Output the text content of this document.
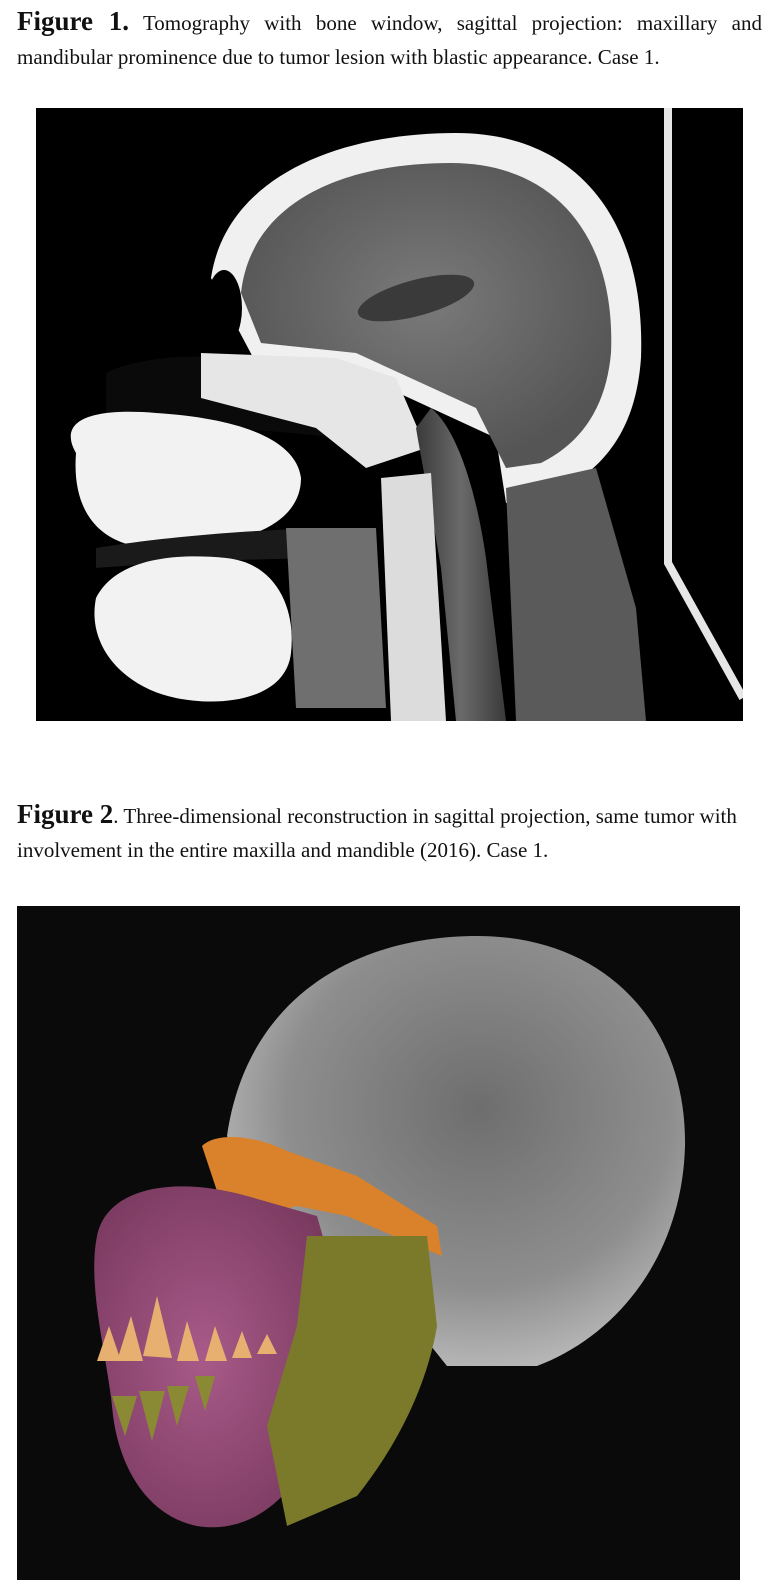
Figure 1. Tomography with bone window, sagittal projection: maxillary and mandibular prominence due to tumor lesion with blastic appearance. Case 1.
Figure 2. Three-dimensional reconstruction in sagittal projection, same tumor with involvement in the entire maxilla and mandible (2016). Case 1.
